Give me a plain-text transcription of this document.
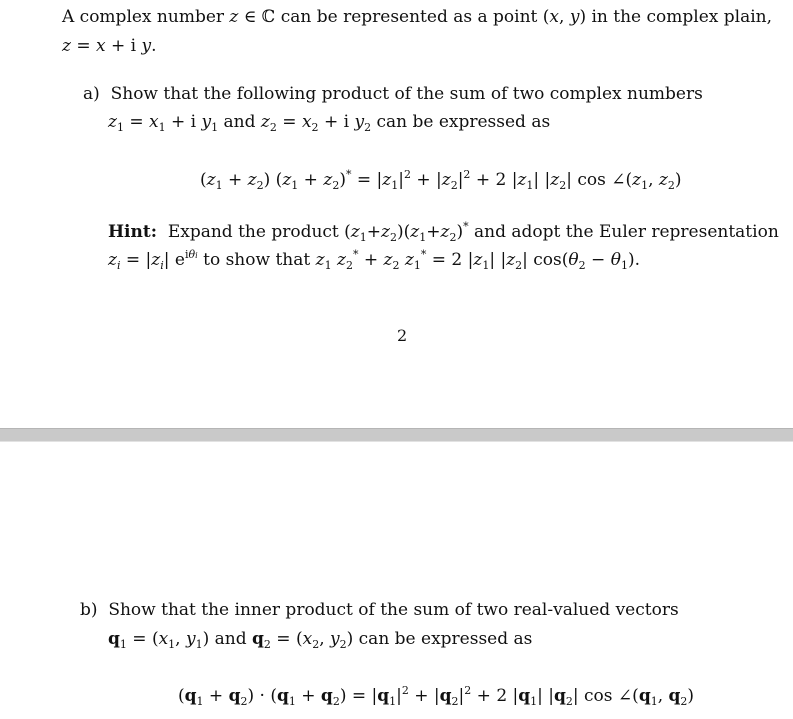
A complex number z ∈ ℂ can be represented as a point (x, y) in the complex plain,
z = x + i y.
a) Show that the following product of the sum of two complex numbers
$z_1 = x_1 + i$ $y_1$ and $z_2 = x_2 + i$ $y_2$ can be expressed as
$(z_1 + z_2) (z_1 + z_2)^* = |z_1|^2 + |z_2|^2 + 2$ $|z_1|$ $|z_2|$ $\cos \angle(z_1$, $z_2$)
Hint: Expand the product $(z_1+z_2)(z_1+z_2)^*$ and adopt the Euler representation
$z_i = |z_i|$ $e^{i\theta i}$ to show that $z_1$ $z_2^* + z_2$ $z_1^* = 2$ $|z_1|$ $|z_2|$ $\cos(\theta_2 - \theta_1)$.
2
b) Show that the inner product of the sum of two real-valued vectors
$q_1 = (x_1$, $y_1$) and $q_2 = (x_2$, $y_2$) can be expressed as
$(q_1 + q_2) \cdot (q_1 + q_2) = |q_1|^2 + |q_2|^2 + 2$ $|q_1|$ $|q_2|$ $\cos \angle(q_1$, $q_2$)
